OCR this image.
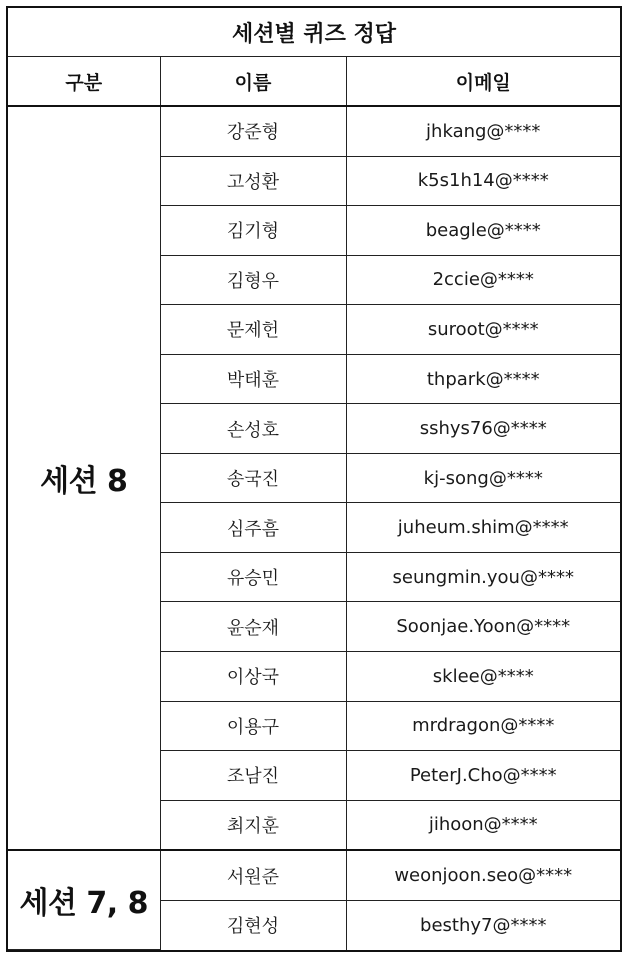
세션별 퀴즈 정답		
구분	이름	이메일
세션 8	강준형	jhkang@****
	고성환	k5s1h14@****
	김기형	beagle@****
	김형우	2ccie@****
	문제헌	suroot@****
	박태훈	thpark@****
	손성호	sshys76@****
	송국진	kj-song@****
	심주흠	juheum.shim@****
	유승민	seungmin.you@****
	윤순재	Soonjae.Yoon@****
	이상국	sklee@****
	이용구	mrdragon@****
	조남진	PeterJ.Cho@****
	최지훈	jihoon@****
세션 7, 8	서원준	weonjoon.seo@****
	김현성	besthy7@****
